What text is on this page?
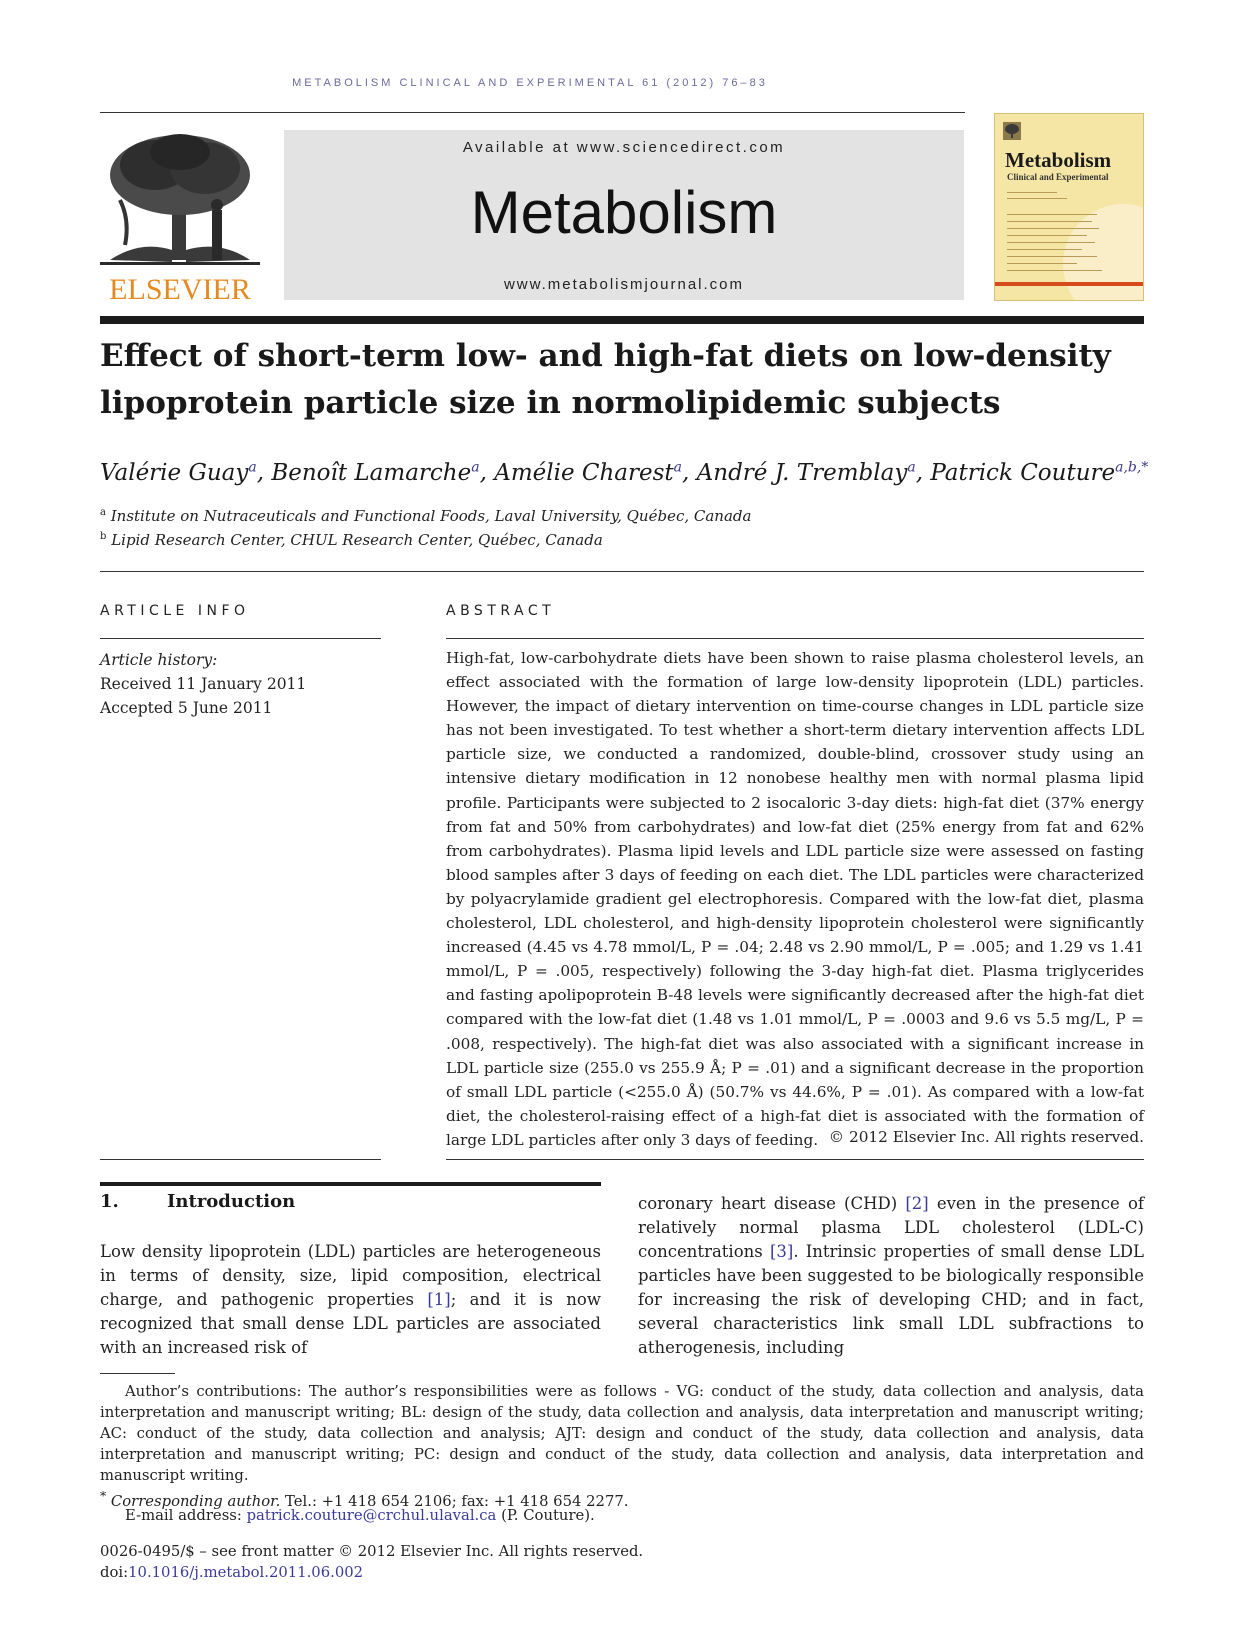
METABOLISM CLINICAL AND EXPERIMENTAL 61 (2012) 76–83
ELSEVIER
Available at www.sciencedirect.com
Metabolism
www.metabolismjournal.com
Metabolism
Clinical and Experimental
Effect of short-term low- and high-fat diets on low-density lipoprotein particle size in normolipidemic subjects
Valérie Guay$^a$, Benoît Lamarche$^a$, Amélie Charest$^a$, André J. Tremblay$^a$, Patrick Couture$^{a,b,*}$
$^a$ Institute on Nutraceuticals and Functional Foods, Laval University, Québec, Canada
$^b$ Lipid Research Center, CHUL Research Center, Québec, Canada
ARTICLE INFO
Article history:
Received 11 January 2011
Accepted 5 June 2011
ABSTRACT

High-fat, low-carbohydrate diets have been shown to raise plasma cholesterol levels, an effect associated with the formation of large low-density lipoprotein (LDL) particles. However, the impact of dietary intervention on time-course changes in LDL particle size has not been investigated. To test whether a short-term dietary intervention affects LDL particle size, we conducted a randomized, double-blind, crossover study using an intensive dietary modification in 12 nonobese healthy men with normal plasma lipid profile. Participants were subjected to 2 isocaloric 3-day diets: high-fat diet (37% energy from fat and 50% from carbohydrates) and low-fat diet (25% energy from fat and 62% from carbohydrates). Plasma lipid levels and LDL particle size were assessed on fasting blood samples after 3 days of feeding on each diet. The LDL particles were characterized by polyacrylamide gradient gel electrophoresis. Compared with the low-fat diet, plasma cholesterol, LDL cholesterol, and high-density lipoprotein cholesterol were significantly increased (4.45 vs 4.78 mmol/L, P = .04; 2.48 vs 2.90 mmol/L, P = .005; and 1.29 vs 1.41 mmol/L, P = .005, respectively) following the 3-day high-fat diet. Plasma triglycerides and fasting apolipoprotein B-48 levels were significantly decreased after the high-fat diet compared with the low-fat diet (1.48 vs 1.01 mmol/L, P = .0003 and 9.6 vs 5.5 mg/L, P = .008, respectively). The high-fat diet was also associated with a significant increase in LDL particle size (255.0 vs 255.9 Å; P = .01) and a significant decrease in the proportion of small LDL particle (<255.0 Å) (50.7% vs 44.6%, P = .01). As compared with a low-fat diet, the cholesterol-raising effect of a high-fat diet is associated with the formation of large LDL particles after only 3 days of feeding. © 2012 Elsevier Inc. All rights reserved.
1.	Introduction

Low density lipoprotein (LDL) particles are heterogeneous in terms of density, size, lipid composition, electrical charge, and pathogenic properties [1]; and it is now recognized that small dense LDL particles are associated with an increased risk of

coronary heart disease (CHD) [2] even in the presence of relatively normal plasma LDL cholesterol (LDL-C) concentrations [3]. Intrinsic properties of small dense LDL particles have been suggested to be biologically responsible for increasing the risk of developing CHD; and in fact, several characteristics link small LDL subfractions to atherogenesis, including

Author’s contributions: The author’s responsibilities were as follows - VG: conduct of the study, data collection and analysis, data interpretation and manuscript writing; BL: design of the study, data collection and analysis, data interpretation and manuscript writing; AC: conduct of the study, data collection and analysis; AJT: design and conduct of the study, data collection and analysis, data interpretation and manuscript writing; PC: design and conduct of the study, data collection and analysis, data interpretation and manuscript writing.

* Corresponding author. Tel.: +1 418 654 2106; fax: +1 418 654 2277.
E-mail address: patrick.couture@crchul.ulaval.ca (P. Couture).
0026-0495/$ – see front matter © 2012 Elsevier Inc. All rights reserved.
doi:10.1016/j.metabol.2011.06.002
